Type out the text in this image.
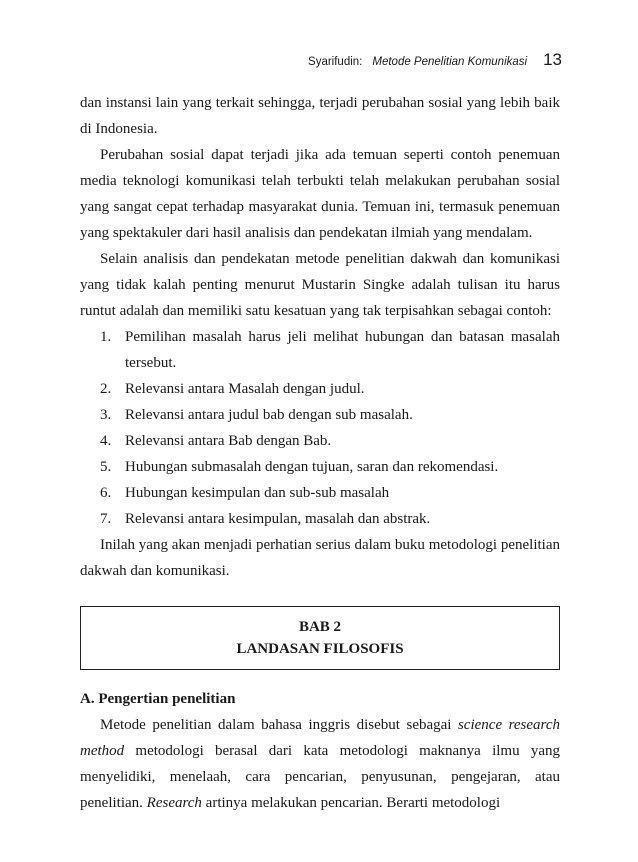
Syarifudin: Metode Penelitian Komunikasi 13

dan instansi lain yang terkait sehingga, terjadi perubahan sosial yang lebih baik di Indonesia.

Perubahan sosial dapat terjadi jika ada temuan seperti contoh penemuan media teknologi komunikasi telah terbukti telah melakukan perubahan sosial yang sangat cepat terhadap masyarakat dunia. Temuan ini, termasuk penemuan yang spektakuler dari hasil analisis dan pendekatan ilmiah yang mendalam.

Selain analisis dan pendekatan metode penelitian dakwah dan komunikasi yang tidak kalah penting menurut Mustarin Singke adalah tulisan itu harus runtut adalah dan memiliki satu kesatuan yang tak terpisahkan sebagai contoh:

1. Pemilihan masalah harus jeli melihat hubungan dan batasan masalah tersebut.
2. Relevansi antara Masalah dengan judul.
3. Relevansi antara judul bab dengan sub masalah.
4. Relevansi antara Bab dengan Bab.
5. Hubungan submasalah dengan tujuan, saran dan rekomendasi.
6. Hubungan kesimpulan dan sub-sub masalah
7. Relevansi antara kesimpulan, masalah dan abstrak.

Inilah yang akan menjadi perhatian serius dalam buku metodologi penelitian dakwah dan komunikasi.

BAB 2
LANDASAN FILOSOFIS
A. Pengertian penelitian

Metode penelitian dalam bahasa inggris disebut sebagai science research method metodologi berasal dari kata metodologi maknanya ilmu yang menyelidiki, menelaah, cara pencarian, penyusunan, pengejaran, atau penelitian. Research artinya melakukan pencarian. Berarti metodologi
